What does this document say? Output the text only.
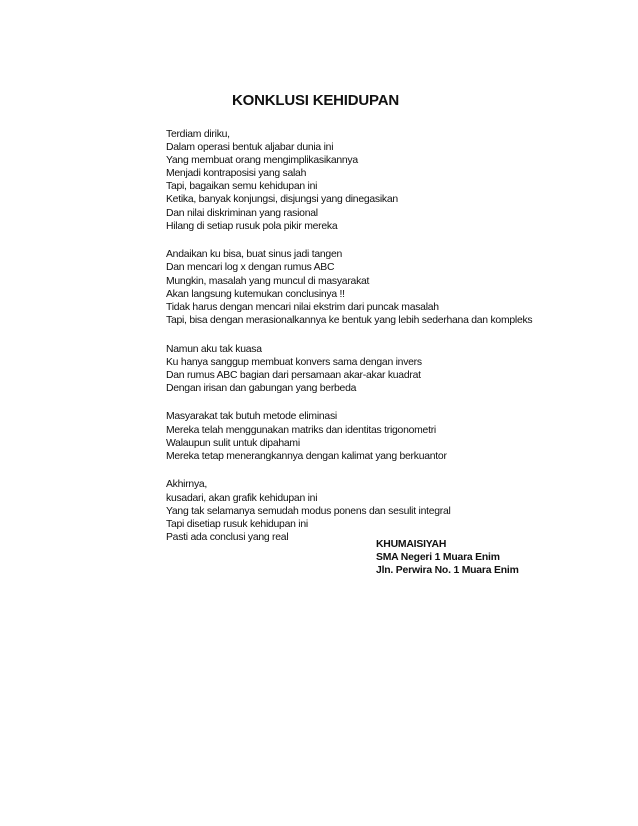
KONKLUSI KEHIDUPAN
Terdiam diriku,
Dalam operasi bentuk aljabar dunia ini
Yang membuat orang mengimplikasikannya
Menjadi kontraposisi yang salah
Tapi, bagaikan semu kehidupan ini
Ketika, banyak konjungsi, disjungsi yang dinegasikan
Dan nilai diskriminan yang rasional
Hilang di setiap rusuk pola pikir mereka
Andaikan ku bisa, buat sinus jadi tangen
Dan mencari log x dengan rumus ABC
Mungkin, masalah yang muncul di masyarakat
Akan langsung kutemukan conclusinya !!
Tidak harus dengan mencari nilai ekstrim dari puncak masalah
Tapi, bisa dengan merasionalkannya ke bentuk yang lebih sederhana dan kompleks
Namun aku tak kuasa
Ku hanya sanggup membuat konvers sama dengan invers
Dan rumus ABC bagian dari persamaan akar-akar kuadrat
Dengan irisan dan gabungan yang berbeda
Masyarakat tak butuh metode eliminasi
Mereka telah menggunakan matriks dan identitas trigonometri
Walaupun sulit untuk dipahami
Mereka tetap menerangkannya dengan kalimat yang berkuantor
Akhirnya,
kusadari, akan grafik kehidupan ini
Yang tak selamanya semudah modus ponens dan sesulit integral
Tapi disetiap rusuk kehidupan ini
Pasti ada conclusi yang real
KHUMAISIYAH
SMA Negeri 1 Muara Enim
Jln. Perwira No. 1 Muara Enim
